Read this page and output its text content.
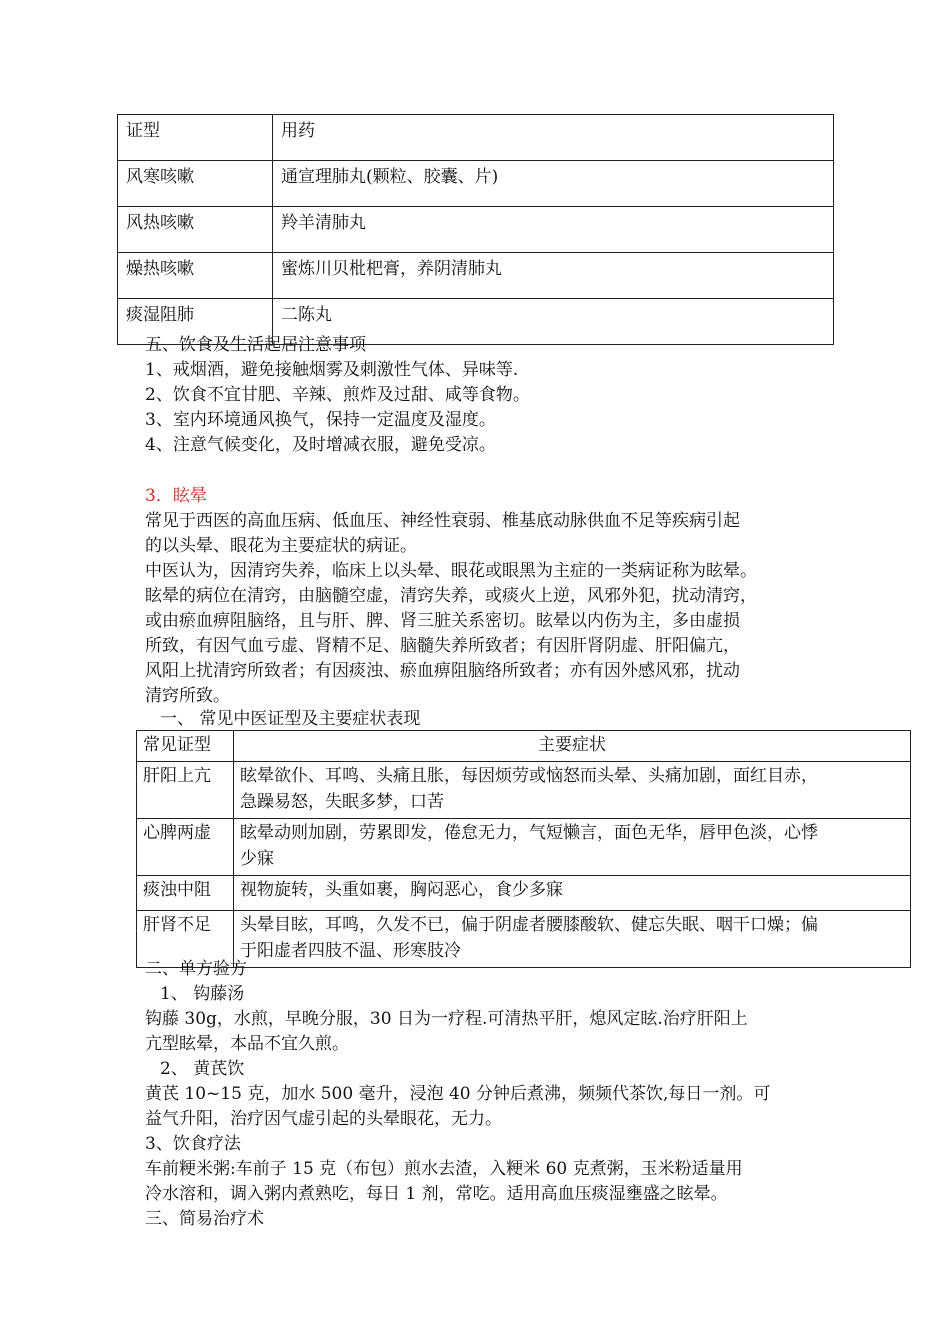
证型	用药
风寒咳嗽	通宣理肺丸(颗粒、胶囊、片)
风热咳嗽	羚羊清肺丸
燥热咳嗽	蜜炼川贝枇杷膏，养阴清肺丸
痰湿阻肺	二陈丸
五、饮食及生活起居注意事项
1、戒烟酒，避免接触烟雾及刺激性气体、异味等.
2、饮食不宜甘肥、辛辣、煎炸及过甜、咸等食物。
3、室内环境通风换气，保持一定温度及湿度。
4、注意气候变化，及时增减衣服，避免受凉。
3．眩晕
常见于西医的高血压病、低血压、神经性衰弱、椎基底动脉供血不足等疾病引起
的以头晕、眼花为主要症状的病证。
中医认为，因清窍失养，临床上以头晕、眼花或眼黑为主症的一类病证称为眩晕。
眩晕的病位在清窍，由脑髓空虚，清窍失养，或痰火上逆，风邪外犯，扰动清窍，
或由瘀血痹阻脑络，且与肝、脾、肾三脏关系密切。眩晕以内伤为主，多由虚损
所致，有因气血亏虚、肾精不足、脑髓失养所致者；有因肝肾阴虚、肝阳偏亢，
风阳上扰清窍所致者；有因痰浊、瘀血痹阻脑络所致者；亦有因外感风邪，扰动
清窍所致。
一、 常见中医证型及主要症状表现
常见证型	主要症状
肝阳上亢	眩晕欲仆、耳鸣、头痛且胀，每因烦劳或恼怒而头晕、头痛加剧，面红目赤，
急躁易怒，失眠多梦，口苦

心脾两虚	眩晕动则加剧，劳累即发，倦怠无力，气短懒言，面色无华，唇甲色淡，心悸
少寐

痰浊中阻	视物旋转，头重如裹，胸闷恶心，食少多寐

肝肾不足	头晕目眩，耳鸣，久发不已，偏于阴虚者腰膝酸软、健忘失眠、咽干口燥；偏
于阳虚者四肢不温、形寒肢冷
二、单方验方
1、 钩藤汤
钩藤 30g，水煎，早晚分服，30 日为一疗程.可清热平肝，熄风定眩.治疗肝阳上
亢型眩晕，本品不宜久煎。
2、 黄芪饮
黄芪 10~15 克，加水 500 毫升，浸泡 40 分钟后煮沸，频频代茶饮,每日一剂。可
益气升阳，治疗因气虚引起的头晕眼花，无力。
3、饮食疗法
车前粳米粥:车前子 15 克（布包）煎水去渣，入粳米 60 克煮粥，玉米粉适量用
冷水溶和，调入粥内煮熟吃，每日 1 剂，常吃。适用高血压痰湿壅盛之眩晕。
三、简易治疗术
